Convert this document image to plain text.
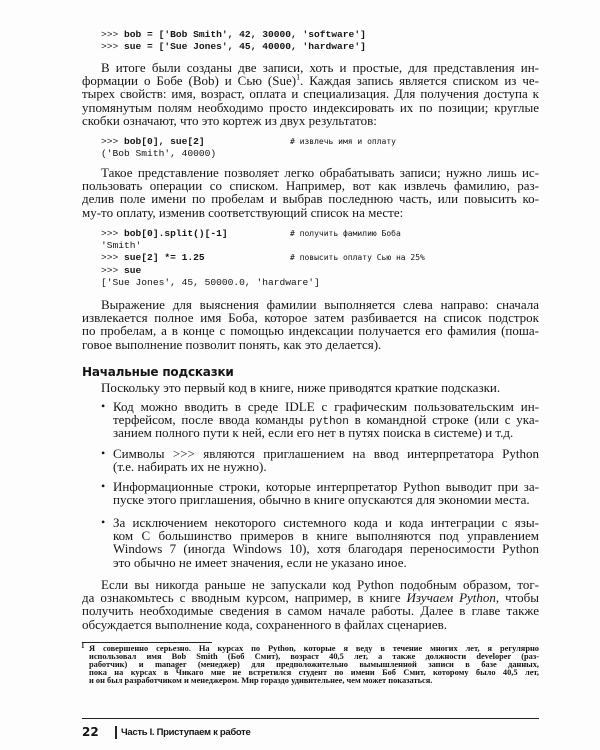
Начальные подсказки
1
22 Часть I. Приступаем к работе
>>> bob = ['Bob Smith', 42, 30000, 'software']
>>> sue = ['Sue Jones', 45, 40000, 'hardware']
>>> bob[0], sue[2]	# извлечь имя и оплату
('Bob Smith', 40000)
>>> bob[0].split()[-1]	# получить фамилию Боба
'Smith'
>>> sue[2] *= 1.25	# повысить оплату Сью на 25%
>>> sue
['Sue Jones', 45, 50000.0, 'hardware']
В итоге были созданы две записи, хоть и простые, для представления ин-
формации о Бобе (Bob) и Сью (Sue)$^1$. Каждая запись является списком из че-
тырех свойств: имя, возраст, оплата и специализация. Для получения доступа к
упомянутым полям необходимо просто индексировать их по позиции; круглые
скобки означают, что это кортеж из двух результатов:
Такое представление позволяет легко обрабатывать записи; нужно лишь ис-
пользовать операции со списком. Например, вот как извлечь фамилию, раз-
делив поле имени по пробелам и выбрав последнюю часть, или повысить ко-
му-то оплату, изменив соответствующий список на месте:
Выражение для выяснения фамилии выполняется слева направо: сначала
извлекается полное имя Боба, которое затем разбивается на список подстрок
по пробелам, а в конце с помощью индексации получается его фамилия (поша-
говое выполнение позволит понять, как это делается).
Поскольку это первый код в книге, ниже приводятся краткие подсказки.
Если вы никогда раньше не запускали код Python подобным образом, тог-
да ознакомьтесь с вводным курсом, например, в книге Изучаем Python, чтобы
получить необходимые сведения в самом начале работы. Далее в главе также
обсуждается выполнение кода, сохраненного в файлах сценариев.
• Код можно вводить в среде IDLE с графическим пользовательским ин-
терфейсом, после ввода команды python в командной строке (или с ука-
занием полного пути к ней, если его нет в путях поиска в системе) и т.д.
• Символы >>> являются приглашением на ввод интерпретатора Python
(т.е. набирать их не нужно).
• Информационные строки, которые интерпретатор Python выводит при за-
пуске этого приглашения, обычно в книге опускаются для экономии места.
• За исключением некоторого системного кода и кода интеграции с язы-
ком C большинство примеров в книге выполняются под управлением
Windows 7 (иногда Windows 10), хотя благодаря переносимости Python
это обычно не имеет значения, если не указано иное.
Я совершенно серьезно. На курсах по Python, которые я веду в течение многих лет, я регулярно
использовал имя Bob Smith (Боб Смит), возраст 40,5 лет, а также должности developer (раз-
работчик) и manager (менеджер) для предположительно вымышленной записи в базе данных,
пока на курсах в Чикаго мне не встретился студент по имени Боб Смит, которому было 40,5 лет,
и он был разработчиком и менеджером. Мир гораздо удивительнее, чем может показаться.
